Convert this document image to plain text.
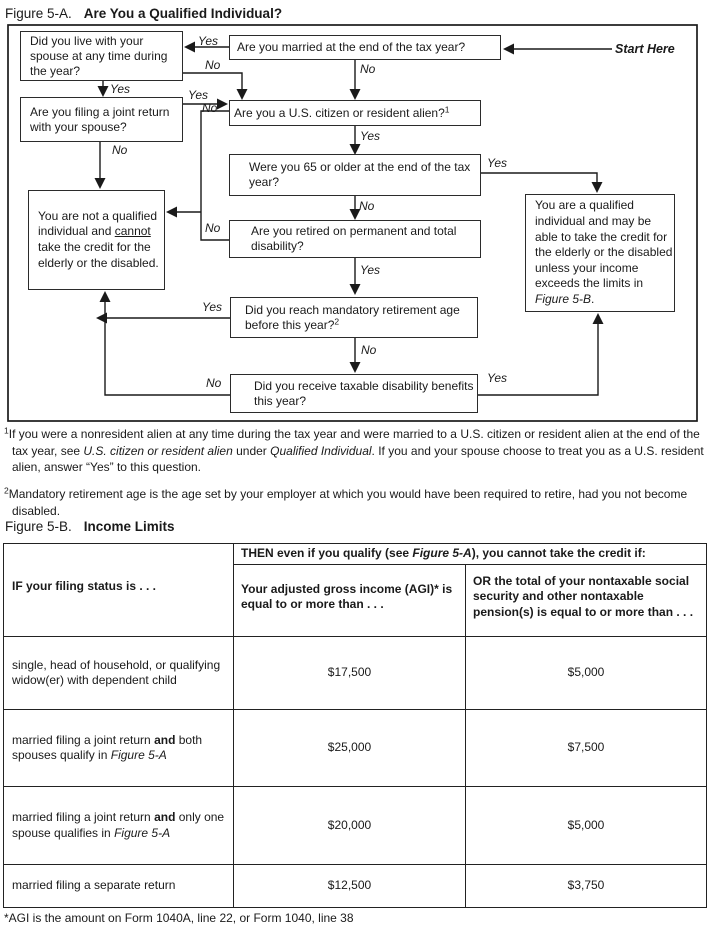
Figure 5-A. Are You a Qualified Individual?
Are you married at the end of the tax year?
Did you live with your spouse at any time during the year?
Are you filing a joint return with your spouse?
Are you a U.S. citizen or resident alien?$^1$
Were you 65 or older at the end of the tax year?
Are you retired on permanent and total disability?
Did you reach mandatory retirement age before this year?$^2$
Did you receive taxable disability benefits this year?
You are not a qualified individual and cannot take the credit for the elderly or the disabled.
You are a qualified individual and may be able to take the credit for the elderly or the disabled unless your income exceeds the limits in Figure 5-B.
Start Here
Yes
No	No
Yes	Yes
No
Yes
No
Yes
No
No
Yes
Yes
No
No	Yes
$^1$If you were a nonresident alien at any time during the tax year and were married to a U.S. citizen or resident alien at the end of the tax year, see U.S. citizen or resident alien under Qualified Individual. If you and your spouse choose to treat you as a U.S. resident alien, answer “Yes” to this question.
$^2$Mandatory retirement age is the age set by your employer at which you would have been required to retire, had you not become disabled.
Figure 5-B. Income Limits
IF your filing status is . . .	THEN even if you qualify (see Figure 5-A), you cannot take the credit if:	
	Your adjusted gross income (AGI)* is equal to or more than . . .	OR the total of your nontaxable social security and other nontaxable pension(s) is equal to or more than . . .
single, head of household, or qualifying widow(er) with dependent child	$17,500	$5,000
married filing a joint return and both spouses qualify in Figure 5-A	$25,000	$7,500
married filing a joint return and only one spouse qualifies in Figure 5-A	$20,000	$5,000
married filing a separate return	$12,500	$3,750
*AGI is the amount on Form 1040A, line 22, or Form 1040, line 38
